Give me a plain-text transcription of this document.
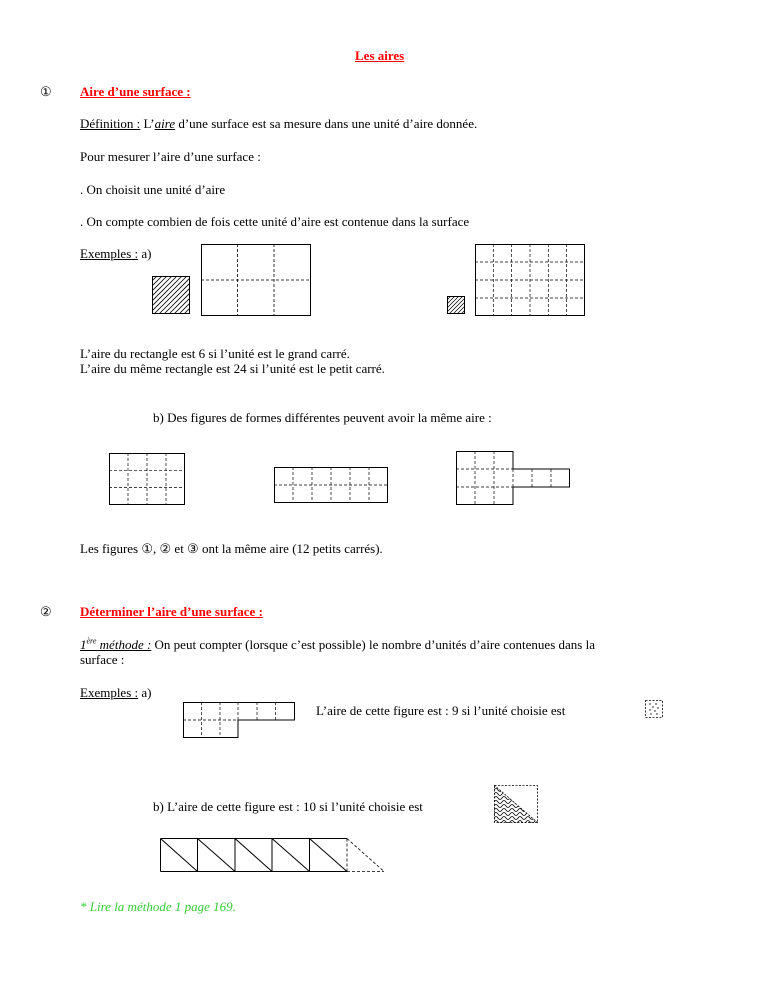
Les aires
① Aire d’une surface :
Définition : L’aire d’une surface est sa mesure dans une unité d’aire donnée.
Pour mesurer l’aire d’une surface :
. On choisit une unité d’aire
. On compte combien de fois cette unité d’aire est contenue dans la surface
Exemples : a)
L’aire du rectangle est 6 si l’unité est le grand carré.
L’aire du même rectangle est 24 si l’unité est le petit carré.
b) Des figures de formes différentes peuvent avoir la même aire :
Les figures ①, ② et ③ ont la même aire (12 petits carrés).
② Déterminer l’aire d’une surface :
1ère méthode : On peut compter (lorsque c’est possible) le nombre d’unités d’aire contenues dans la
surface :
Exemples : a)
L’aire de cette figure est : 9 si l’unité choisie est
b) L’aire de cette figure est : 10 si l’unité choisie est
* Lire la méthode 1 page 169.
